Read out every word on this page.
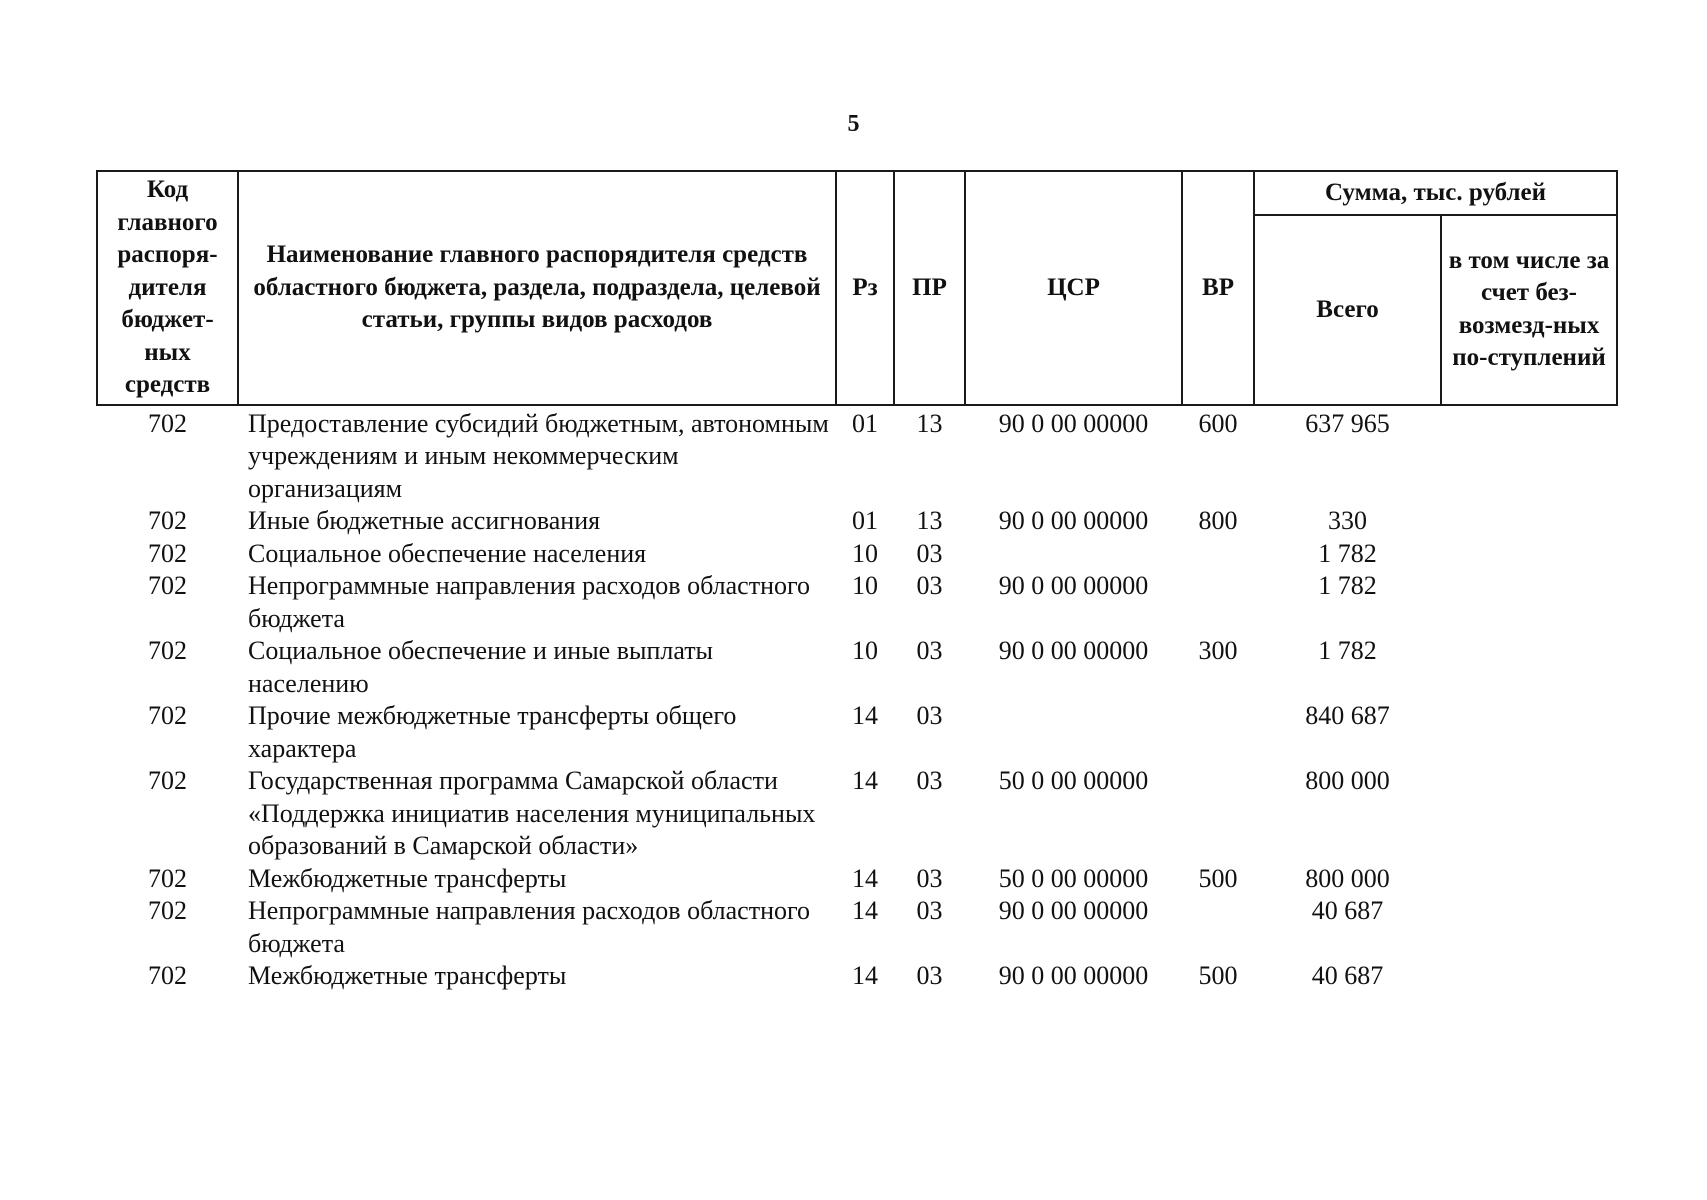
5
Код главного распоря-дителя бюджет-ных средств	Наименование главного распорядителя средств областного бюджета, раздела, подраздела, целевой статьи, группы видов расходов	Рз	ПР	ЦСР	ВР	Сумма, тыс. рублей	
						Всего	в том числе за счет без-возмезд-ных по-ступлений
702	Предоставление субсидий бюджетным, автономным учреждениям и иным некоммерческим организациям	01	13	90 0 00 00000	600	637 965	
702	Иные бюджетные ассигнования	01	13	90 0 00 00000	800	330	
702	Социальное обеспечение населения	10	03			1 782	
702	Непрограммные направления расходов областного бюджета	10	03	90 0 00 00000		1 782	
702	Социальное обеспечение и иные выплаты населению	10	03	90 0 00 00000	300	1 782	
702	Прочие межбюджетные трансферты общего характера	14	03			840 687	
702	Государственная программа Самарской области «Поддержка инициатив населения муниципальных образований в Самарской области»	14	03	50 0 00 00000		800 000	
702	Межбюджетные трансферты	14	03	50 0 00 00000	500	800 000	
702	Непрограммные направления расходов областного бюджета	14	03	90 0 00 00000		40 687	
702	Межбюджетные трансферты	14	03	90 0 00 00000	500	40 687	
